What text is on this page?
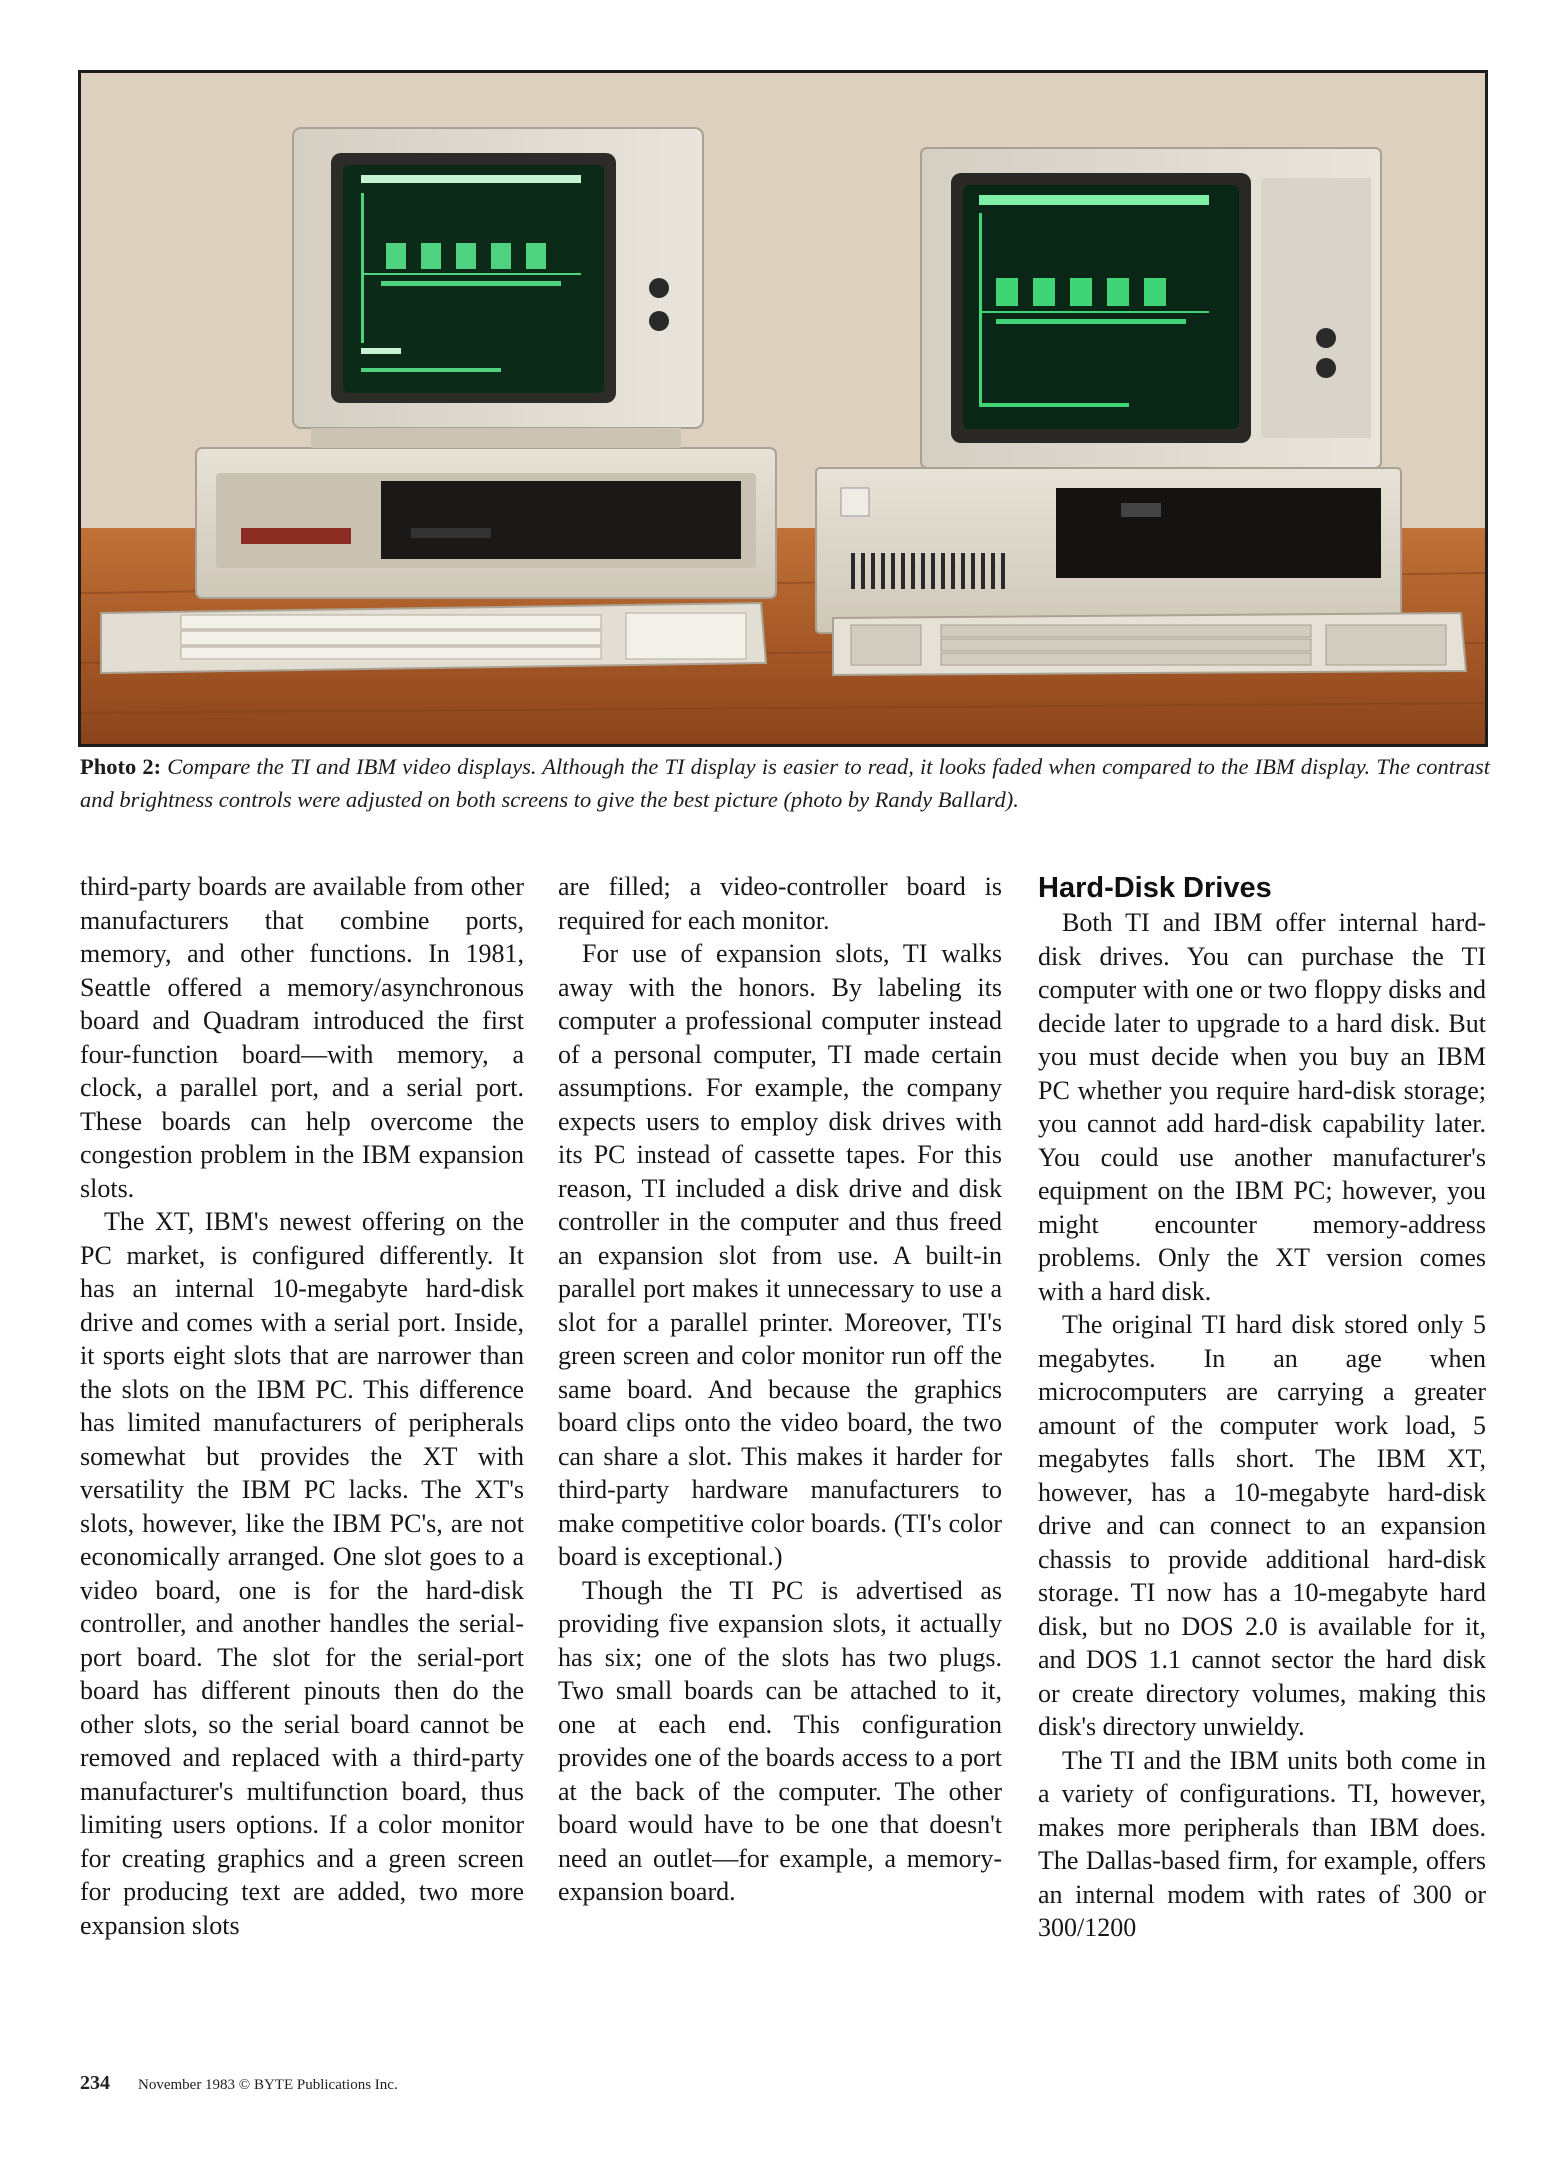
Photo 2: Compare the TI and IBM video displays. Although the TI display is easier to read, it looks faded when compared to the IBM display. The contrast and brightness controls were adjusted on both screens to give the best picture (photo by Randy Ballard).

third-party boards are available from other manufacturers that combine ports, memory, and other functions. In 1981, Seattle offered a memory/asynchronous board and Quadram introduced the first four-function board—with memory, a clock, a parallel port, and a serial port. These boards can help overcome the congestion problem in the IBM expansion slots.

The XT, IBM's newest offering on the PC market, is configured differently. It has an internal 10-megabyte hard-disk drive and comes with a serial port. Inside, it sports eight slots that are narrower than the slots on the IBM PC. This difference has limited manufacturers of peripherals somewhat but provides the XT with versatility the IBM PC lacks. The XT's slots, however, like the IBM PC's, are not economically arranged. One slot goes to a video board, one is for the hard-disk controller, and another handles the serial-port board. The slot for the serial-port board has different pinouts then do the other slots, so the serial board cannot be removed and replaced with a third-party manufacturer's multifunction board, thus limiting users options. If a color monitor for creating graphics and a green screen for producing text are added, two more expansion slots

are filled; a video-controller board is required for each monitor.

For use of expansion slots, TI walks away with the honors. By labeling its computer a professional computer instead of a personal computer, TI made certain assumptions. For example, the company expects users to employ disk drives with its PC instead of cassette tapes. For this reason, TI included a disk drive and disk controller in the computer and thus freed an expansion slot from use. A built-in parallel port makes it unnecessary to use a slot for a parallel printer. Moreover, TI's green screen and color monitor run off the same board. And because the graphics board clips onto the video board, the two can share a slot. This makes it harder for third-party hardware manufacturers to make competitive color boards. (TI's color board is exceptional.)

Though the TI PC is advertised as providing five expansion slots, it actually has six; one of the slots has two plugs. Two small boards can be attached to it, one at each end. This configuration provides one of the boards access to a port at the back of the computer. The other board would have to be one that doesn't need an outlet—for example, a memory-expansion board.

Hard-Disk Drives

Both TI and IBM offer internal hard-disk drives. You can purchase the TI computer with one or two floppy disks and decide later to upgrade to a hard disk. But you must decide when you buy an IBM PC whether you require hard-disk storage; you cannot add hard-disk capability later. You could use another manufacturer's equipment on the IBM PC; however, you might encounter memory-address problems. Only the XT version comes with a hard disk.

The original TI hard disk stored only 5 megabytes. In an age when microcomputers are carrying a greater amount of the computer work load, 5 megabytes falls short. The IBM XT, however, has a 10-megabyte hard-disk drive and can connect to an expansion chassis to provide additional hard-disk storage. TI now has a 10-megabyte hard disk, but no DOS 2.0 is available for it, and DOS 1.1 cannot sector the hard disk or create directory volumes, making this disk's directory unwieldy.

The TI and the IBM units both come in a variety of configurations. TI, however, makes more peripherals than IBM does. The Dallas-based firm, for example, offers an internal modem with rates of 300 or 300/1200

234 November 1983 © BYTE Publications Inc.
